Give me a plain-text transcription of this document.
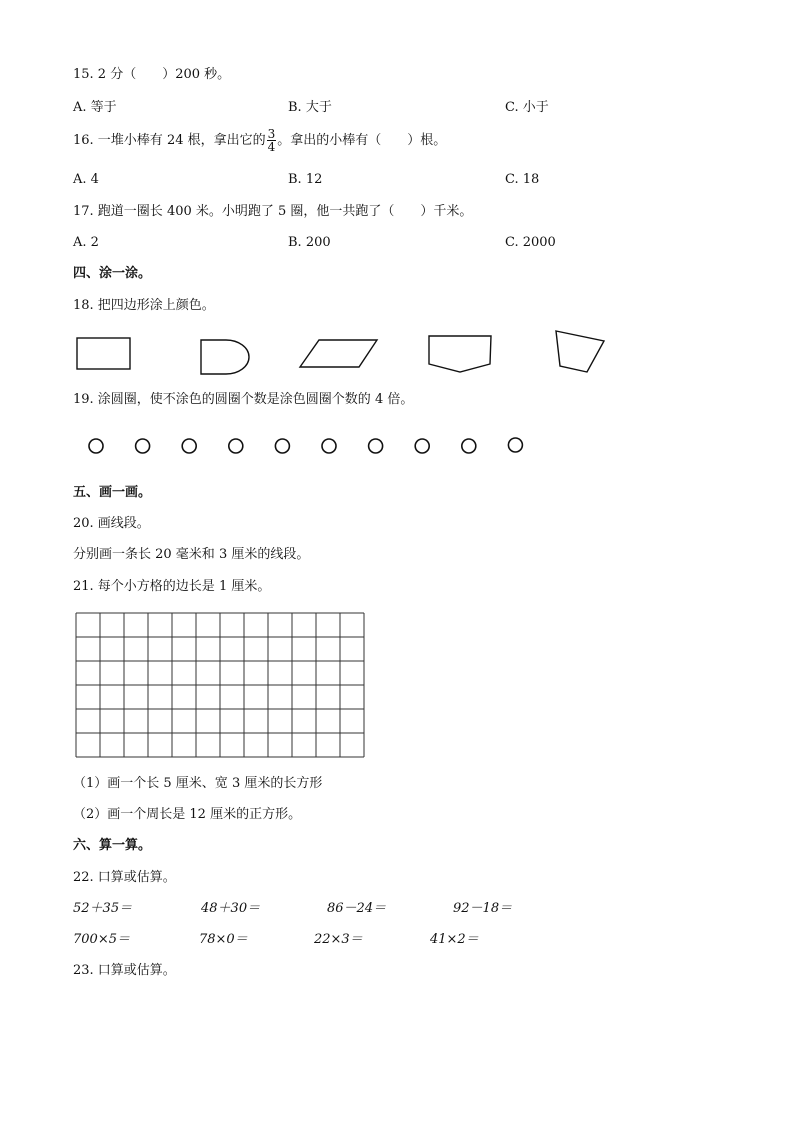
15. 2 分（　　）200 秒。
A. 等于	B. 大于	C. 小于
16. 一堆小棒有 24 根，拿出它的 $\frac{3}{4}$ 。拿出的小棒有（　　）根。
A. 4	B. 12	C. 18
17. 跑道一圈长 400 米。小明跑了 5 圈，他一共跑了（　　）千米。
A. 2	B. 200	C. 2000
四、涂一涂。
18. 把四边形涂上颜色。
19. 涂圆圈，使不涂色的圆圈个数是涂色圆圈个数的 4 倍。
五、画一画。
20. 画线段。
分别画一条长 20 毫米和 3 厘米的线段。
21. 每个小方格的边长是 1 厘米。
（1）画一个长 5 厘米、宽 3 厘米的长方形
（2）画一个周长是 12 厘米的正方形。
六、算一算。
22. 口算或估算。
52＋35＝	48＋30＝	86－24＝	92－18＝
700×5＝	78×0＝	22×3＝	41×2＝
23. 口算或估算。
